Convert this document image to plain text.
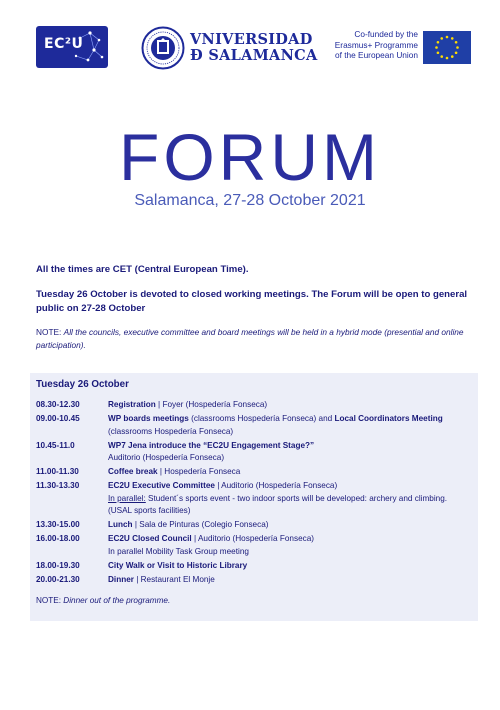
EC²U	VNIVERSIDAD
Ð SALAMANCA
Co-funded by the
Erasmus+ Programme
of the European Union
FORUM
Salamanca, 27-28 October 2021
All the times are CET (Central European Time).
Tuesday 26 October is devoted to closed working meetings. The Forum will be open to general public on 27-28 October
NOTE: All the councils, executive committee and board meetings will be held in a hybrid mode (presential and online participation).
Tuesday 26 October
08.30-12.30	Registration | Foyer (Hospedería Fonseca)
09.00-10.45	WP boards meetings (classrooms Hospedería Fonseca) and Local Coordinators Meeting (classrooms Hospedería Fonseca)
10.45-11.0	WP7 Jena introduce the “EC2U Engagement Stage?”
Auditorio (Hospedería Fonseca)
11.00-11.30	Coffee break | Hospedería Fonseca
11.30-13.30	EC2U Executive Committee | Auditorio (Hospedería Fonseca)
In parallel: Student´s sports event - two indoor sports will be developed: archery and climbing. (USAL sports facilities)
13.30-15.00	Lunch | Sala de Pinturas (Colegio Fonseca)
16.00-18.00	EC2U Closed Council | Auditorio (Hospedería Fonseca)
In parallel Mobility Task Group meeting
18.00-19.30	City Walk or Visit to Historic Library
20.00-21.30	Dinner | Restaurant El Monje
NOTE: Dinner out of the programme.
